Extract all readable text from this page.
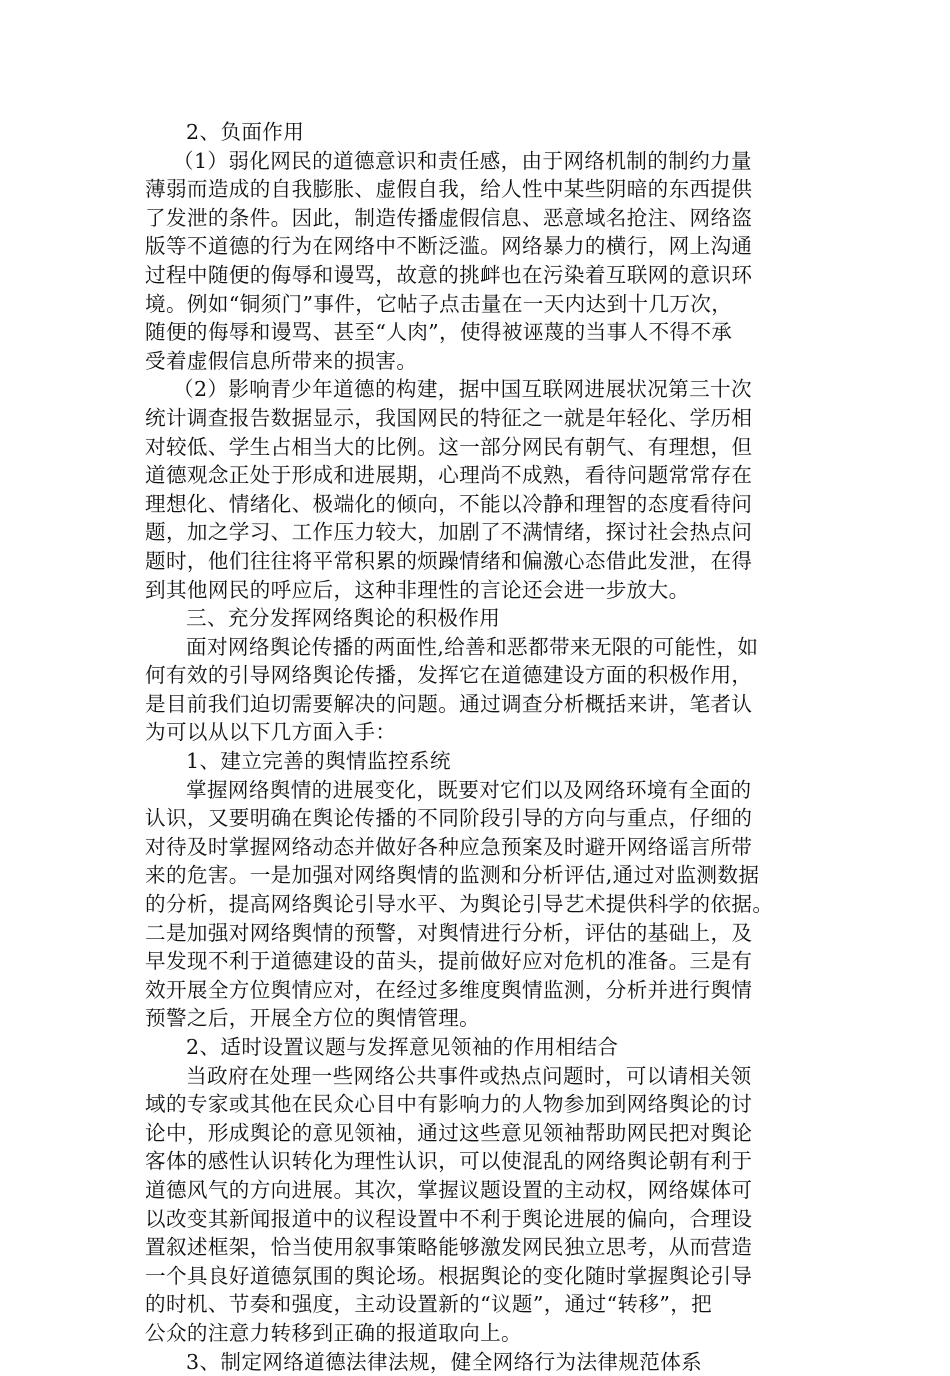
2、负面作用
（1）弱化网民的道德意识和责任感，由于网络机制的制约力量
薄弱而造成的自我膨胀、虚假自我，给人性中某些阴暗的东西提供
了发泄的条件。因此，制造传播虚假信息、恶意域名抢注、网络盗
版等不道德的行为在网络中不断泛滥。网络暴力的横行，网上沟通
过程中随便的侮辱和谩骂，故意的挑衅也在污染着互联网的意识环
境。例如“铜须门”事件，它帖子点击量在一天内达到十几万次，
随便的侮辱和谩骂、甚至“人肉”，使得被诬蔑的当事人不得不承
受着虚假信息所带来的损害。
（2）影响青少年道德的构建，据中国互联网进展状况第三十次
统计调查报告数据显示，我国网民的特征之一就是年轻化、学历相
对较低、学生占相当大的比例。这一部分网民有朝气、有理想，但
道德观念正处于形成和进展期，心理尚不成熟，看待问题常常存在
理想化、情绪化、极端化的倾向，不能以冷静和理智的态度看待问
题，加之学习、工作压力较大，加剧了不满情绪，探讨社会热点问
题时，他们往往将平常积累的烦躁情绪和偏激心态借此发泄，在得
到其他网民的呼应后，这种非理性的言论还会进一步放大。
三、充分发挥网络舆论的积极作用
面对网络舆论传播的两面性,给善和恶都带来无限的可能性，如
何有效的引导网络舆论传播，发挥它在道德建设方面的积极作用，
是目前我们迫切需要解决的问题。通过调查分析概括来讲，笔者认
为可以从以下几方面入手：
1、建立完善的舆情监控系统
掌握网络舆情的进展变化，既要对它们以及网络环境有全面的
认识，又要明确在舆论传播的不同阶段引导的方向与重点，仔细的
对待及时掌握网络动态并做好各种应急预案及时避开网络谣言所带
来的危害。一是加强对网络舆情的监测和分析评估,通过对监测数据
的分析，提高网络舆论引导水平、为舆论引导艺术提供科学的依据。
二是加强对网络舆情的预警，对舆情进行分析，评估的基础上，及
早发现不利于道德建设的苗头，提前做好应对危机的准备。三是有
效开展全方位舆情应对，在经过多维度舆情监测，分析并进行舆情
预警之后，开展全方位的舆情管理。
2、适时设置议题与发挥意见领袖的作用相结合
当政府在处理一些网络公共事件或热点问题时，可以请相关领
域的专家或其他在民众心目中有影响力的人物参加到网络舆论的讨
论中，形成舆论的意见领袖，通过这些意见领袖帮助网民把对舆论
客体的感性认识转化为理性认识，可以使混乱的网络舆论朝有利于
道德风气的方向进展。其次，掌握议题设置的主动权，网络媒体可
以改变其新闻报道中的议程设置中不利于舆论进展的偏向，合理设
置叙述框架，恰当使用叙事策略能够激发网民独立思考，从而营造
一个具良好道德氛围的舆论场。根据舆论的变化随时掌握舆论引导
的时机、节奏和强度，主动设置新的“议题”，通过“转移”，把
公众的注意力转移到正确的报道取向上。
3、制定网络道德法律法规，健全网络行为法律规范体系
